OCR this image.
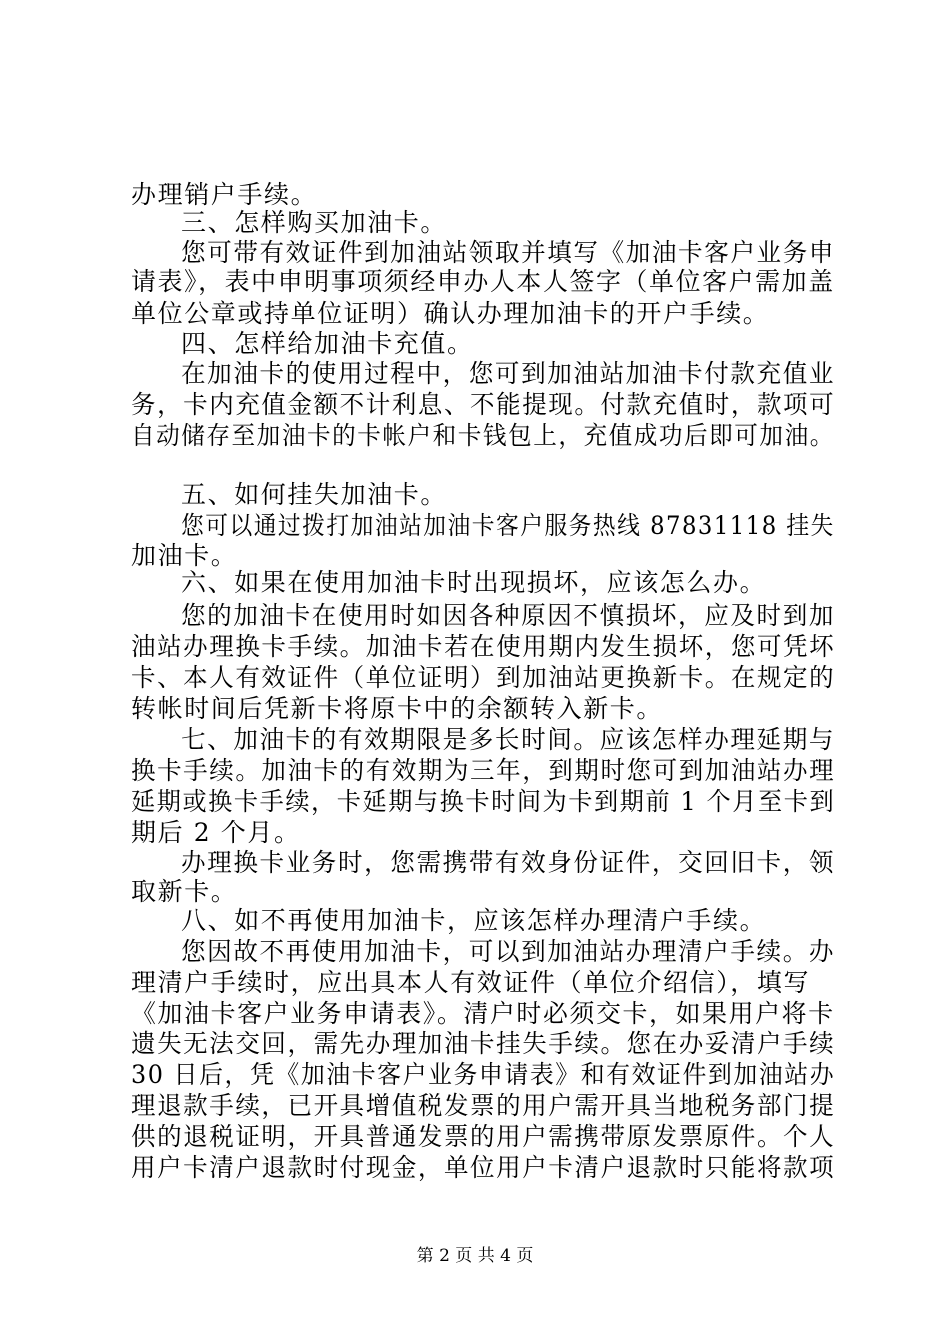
办理销户手续。
三、怎样购买加油卡。
您可带有效证件到加油站领取并填写《加油卡客户业务申
请表》，表中申明事项须经申办人本人签字（单位客户需加盖
单位公章或持单位证明）确认办理加油卡的开户手续。
四、怎样给加油卡充值。
在加油卡的使用过程中，您可到加油站加油卡付款充值业
务，卡内充值金额不计利息、不能提现。付款充值时，款项可
自动储存至加油卡的卡帐户和卡钱包上，充值成功后即可加油。
五、如何挂失加油卡。
您可以通过拨打加油站加油卡客户服务热线 87831118 挂失
加油卡。
六、如果在使用加油卡时出现损坏，应该怎么办。
您的加油卡在使用时如因各种原因不慎损坏，应及时到加
油站办理换卡手续。加油卡若在使用期内发生损坏，您可凭坏
卡、本人有效证件（单位证明）到加油站更换新卡。在规定的
转帐时间后凭新卡将原卡中的余额转入新卡。
七、加油卡的有效期限是多长时间。应该怎样办理延期与
换卡手续。加油卡的有效期为三年，到期时您可到加油站办理
延期或换卡手续，卡延期与换卡时间为卡到期前 1 个月至卡到
期后 2 个月。
办理换卡业务时，您需携带有效身份证件，交回旧卡，领
取新卡。
八、如不再使用加油卡，应该怎样办理清户手续。
您因故不再使用加油卡，可以到加油站办理清户手续。办
理清户手续时，应出具本人有效证件（单位介绍信），填写
《加油卡客户业务申请表》。清户时必须交卡，如果用户将卡
遗失无法交回，需先办理加油卡挂失手续。您在办妥清户手续
30 日后，凭《加油卡客户业务申请表》和有效证件到加油站办
理退款手续，已开具增值税发票的用户需开具当地税务部门提
供的退税证明，开具普通发票的用户需携带原发票原件。个人
用户卡清户退款时付现金，单位用户卡清户退款时只能将款项
第 2 页 共 4 页
